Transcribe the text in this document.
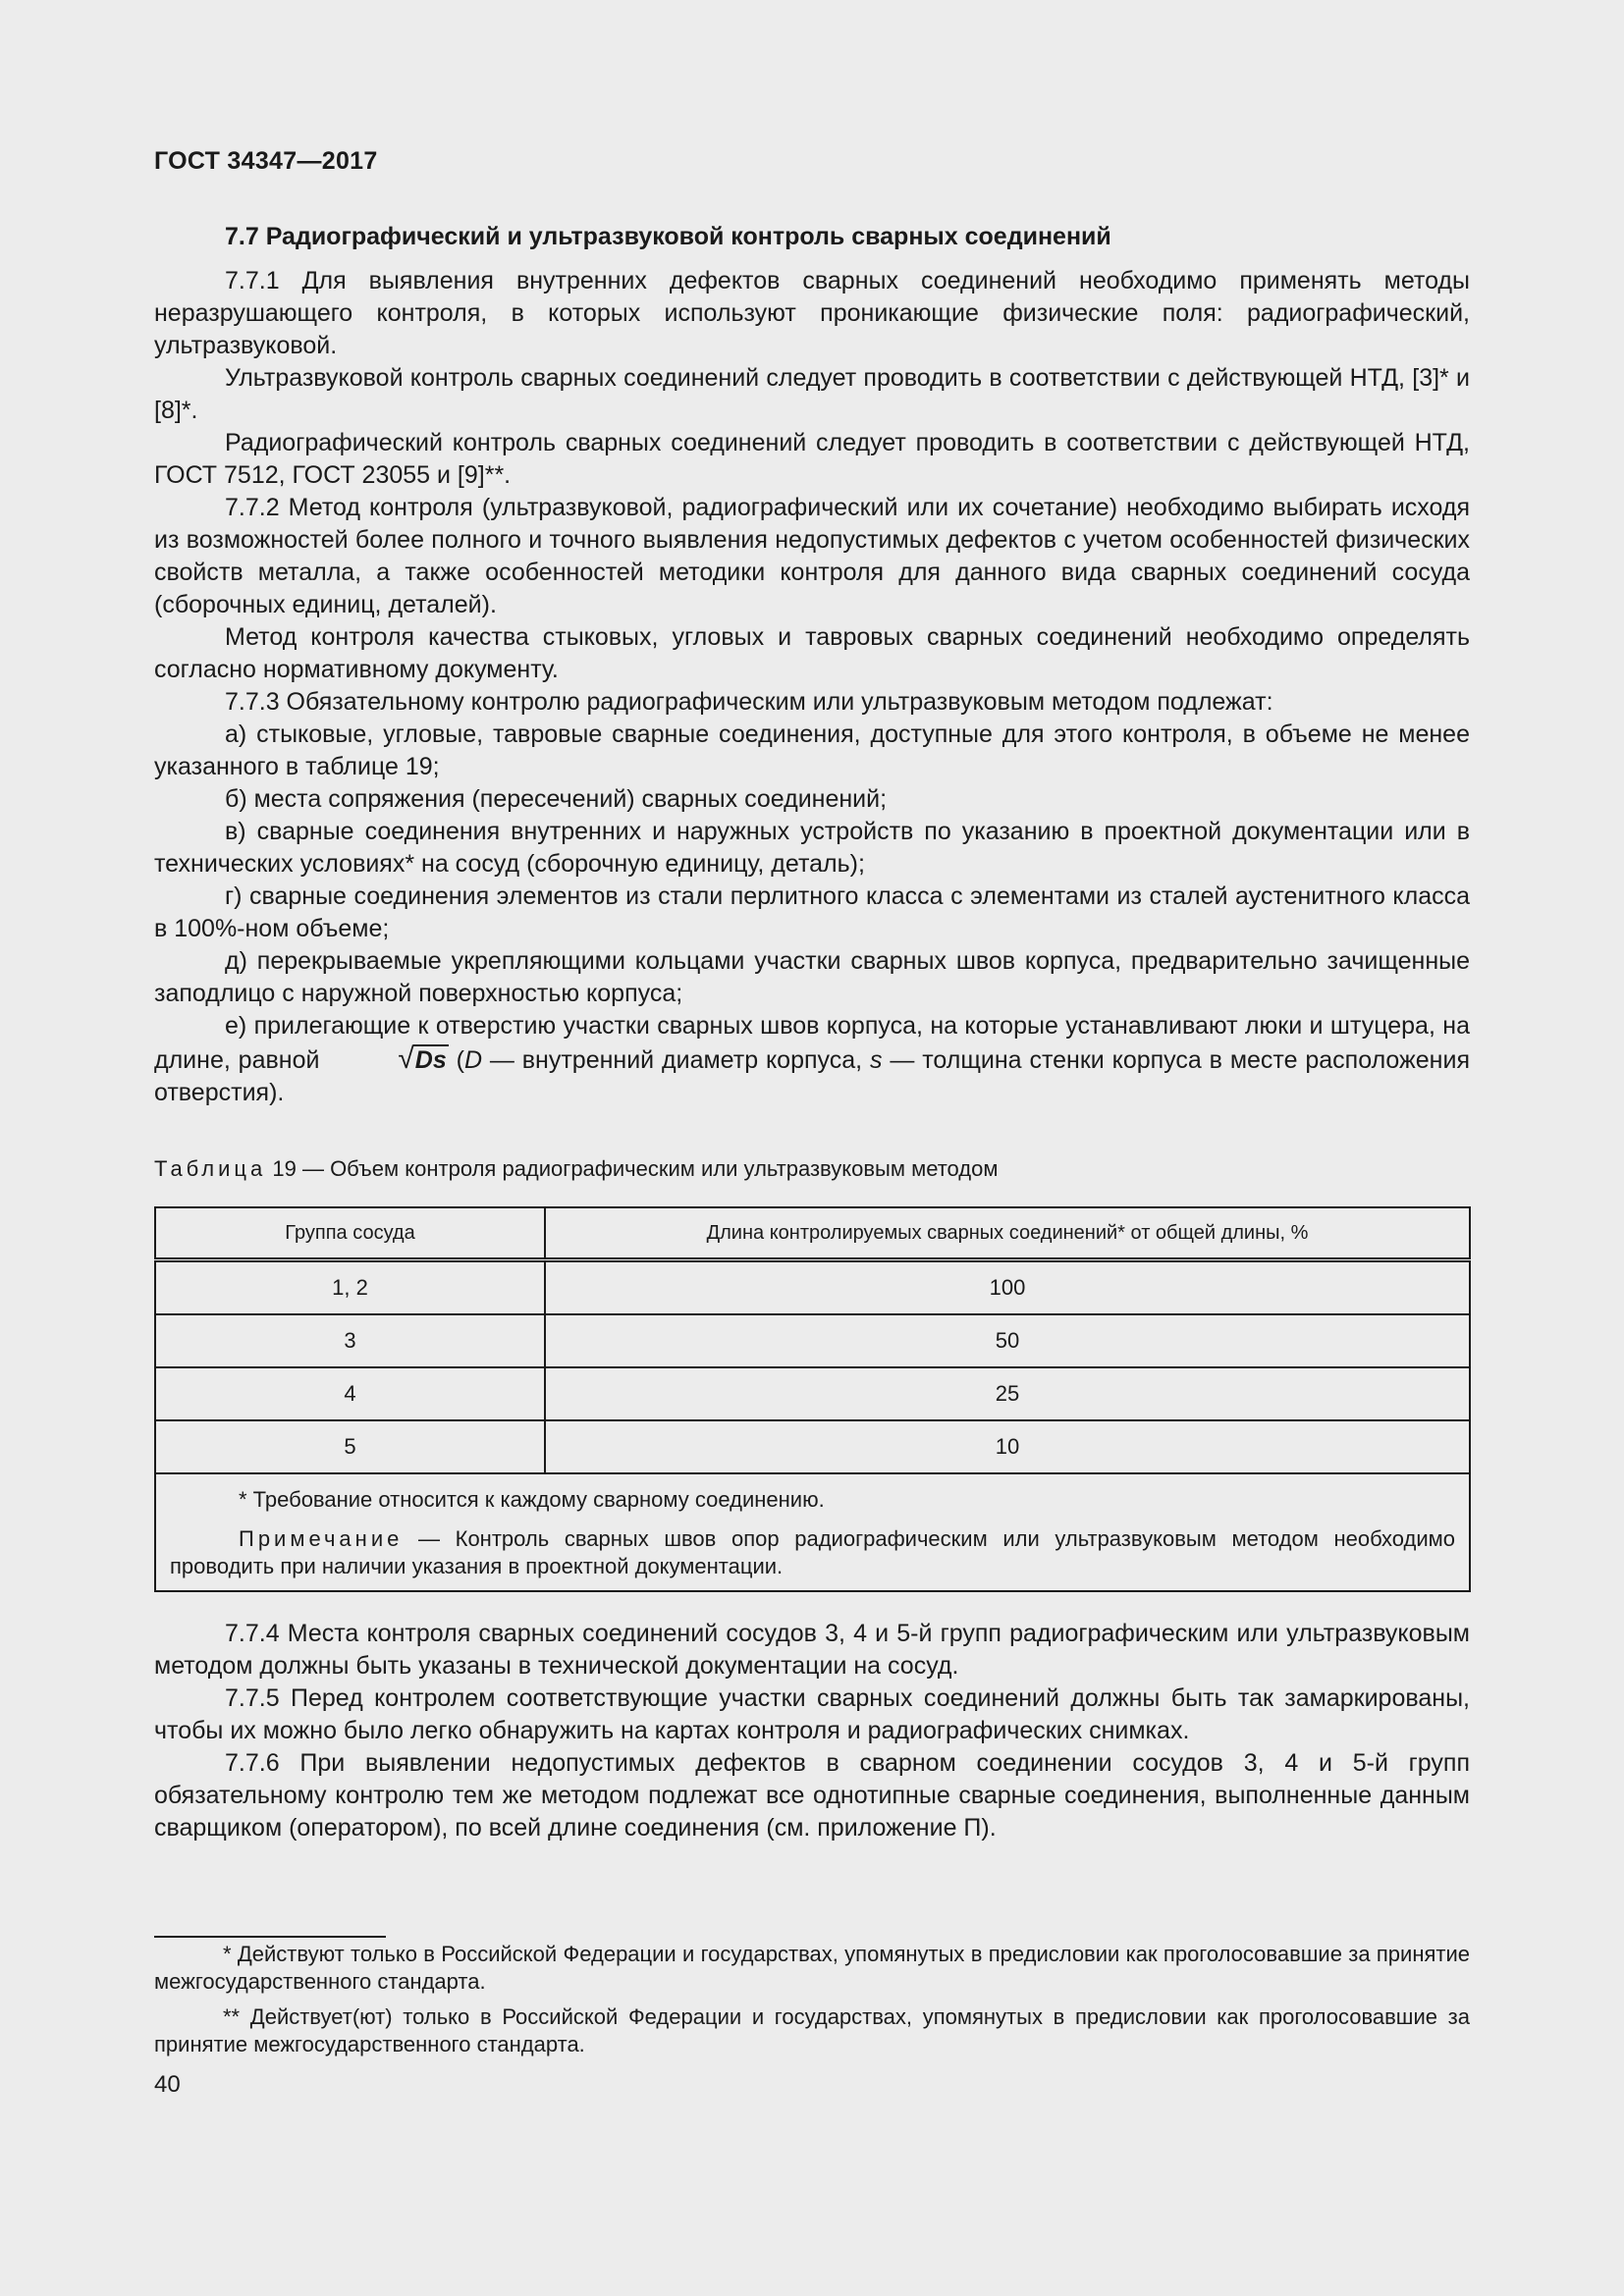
ГОСТ 34347—2017

7.7 Радиографический и ультразвуковой контроль сварных соединений

7.7.1 Для выявления внутренних дефектов сварных соединений необходимо применять методы неразрушающего контроля, в которых используют проникающие физические поля: радиографический, ультразвуковой.

Ультразвуковой контроль сварных соединений следует проводить в соответствии с действующей НТД, [3]* и [8]*.

Радиографический контроль сварных соединений следует проводить в соответствии с действующей НТД, ГОСТ 7512, ГОСТ 23055 и [9]**.

7.7.2 Метод контроля (ультразвуковой, радиографический или их сочетание) необходимо выбирать исходя из возможностей более полного и точного выявления недопустимых дефектов с учетом особенностей физических свойств металла, а также особенностей методики контроля для данного вида сварных соединений сосуда (сборочных единиц, деталей).

Метод контроля качества стыковых, угловых и тавровых сварных соединений необходимо определять согласно нормативному документу.

7.7.3 Обязательному контролю радиографическим или ультразвуковым методом подлежат:

а) стыковые, угловые, тавровые сварные соединения, доступные для этого контроля, в объеме не менее указанного в таблице 19;

б) места сопряжения (пересечений) сварных соединений;

в) сварные соединения внутренних и наружных устройств по указанию в проектной документации или в технических условиях* на сосуд (сборочную единицу, деталь);

г) сварные соединения элементов из стали перлитного класса с элементами из сталей аустенитного класса в 100%-ном объеме;

д) перекрываемые укрепляющими кольцами участки сварных швов корпуса, предварительно зачищенные заподлицо с наружной поверхностью корпуса;

е) прилегающие к отверстию участки сварных швов корпуса, на которые устанавливают люки и штуцера, на длине, равной √Ds (D — внутренний диаметр корпуса, s — толщина стенки корпуса в месте расположения отверстия).

Таблица 19 — Объем контроля радиографическим или ультразвуковым методом
Группа сосуда	Длина контролируемых сварных соединений* от общей длины, %
1, 2	100
3	50
4	25
5	10

* Требование относится к каждому сварному соединению.

Примечание — Контроль сварных швов опор радиографическим или ультразвуковым методом необходимо проводить при наличии указания в проектной документации.	

7.7.4 Места контроля сварных соединений сосудов 3, 4 и 5-й групп радиографическим или ультразвуковым методом должны быть указаны в технической документации на сосуд.

7.7.5 Перед контролем соответствующие участки сварных соединений должны быть так замаркированы, чтобы их можно было легко обнаружить на картах контроля и радиографических снимках.

7.7.6 При выявлении недопустимых дефектов в сварном соединении сосудов 3, 4 и 5-й групп обязательному контролю тем же методом подлежат все однотипные сварные соединения, выполненные данным сварщиком (оператором), по всей длине соединения (см. приложение П).

* Действуют только в Российской Федерации и государствах, упомянутых в предисловии как проголосовавшие за принятие межгосударственного стандарта.

** Действует(ют) только в Российской Федерации и государствах, упомянутых в предисловии как проголосовавшие за принятие межгосударственного стандарта.

40
